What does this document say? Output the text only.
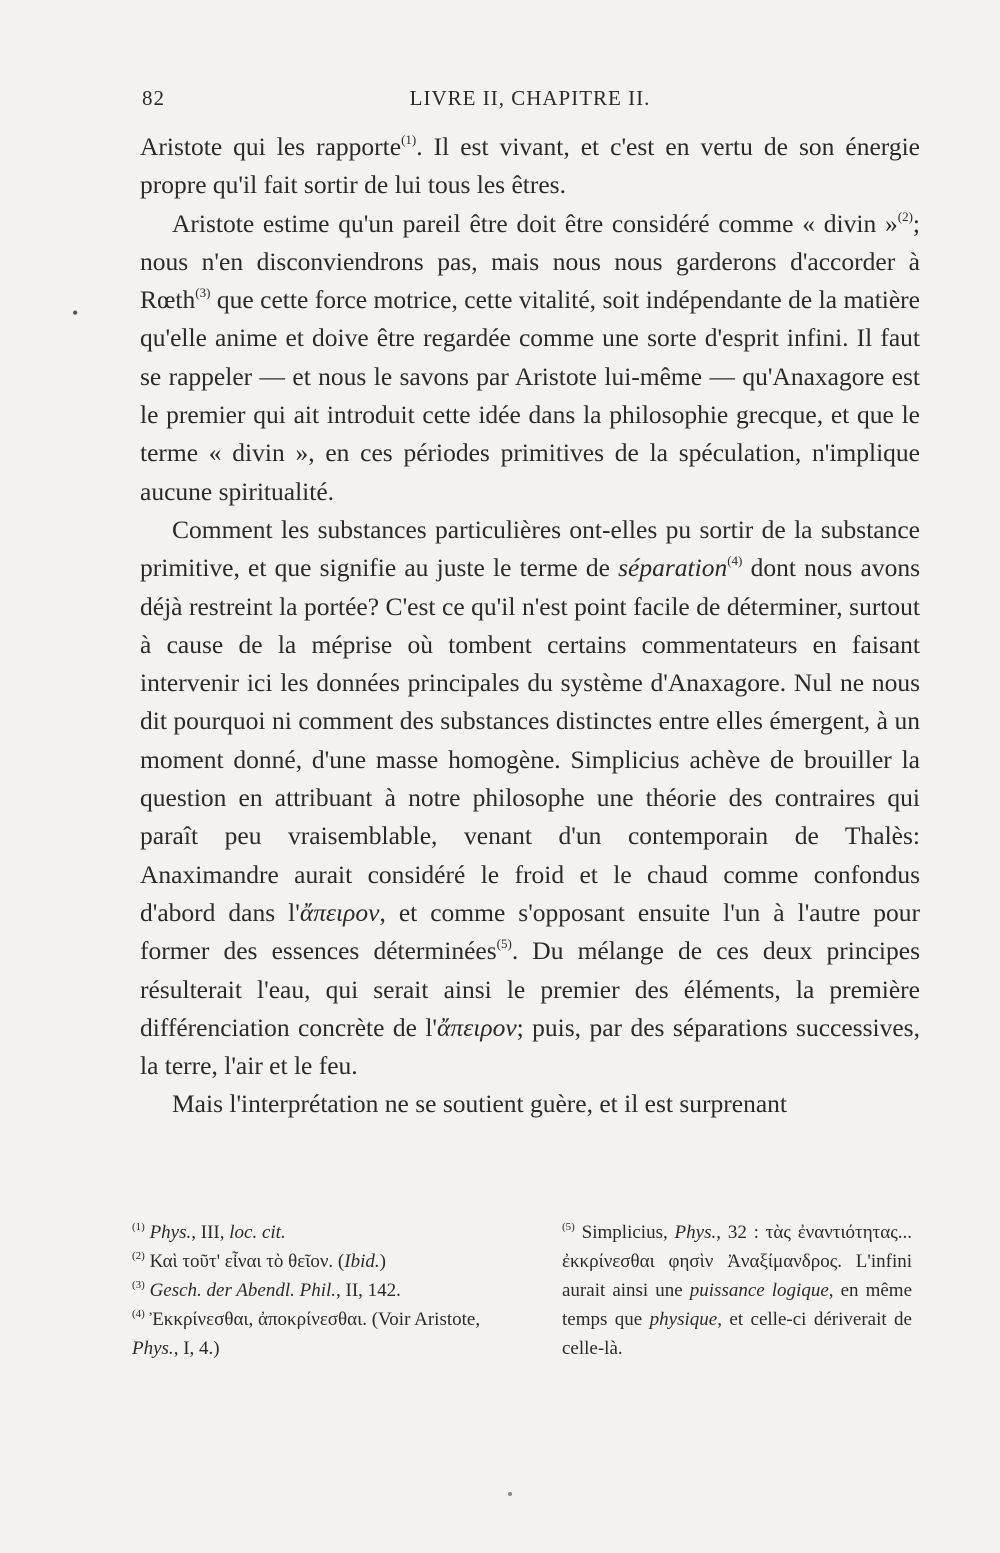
82	LIVRE II, CHAPITRE II.
•

Aristote qui les rapporte$^{(1)}$. Il est vivant, et c'est en vertu de son énergie propre qu'il fait sortir de lui tous les êtres.

Aristote estime qu'un pareil être doit être considéré comme « divin »$^{(2)}$; nous n'en disconviendrons pas, mais nous nous garderons d'accorder à Rœth$^{(3)}$ que cette force motrice, cette vitalité, soit indépendante de la matière qu'elle anime et doive être regardée comme une sorte d'esprit infini. Il faut se rappeler — et nous le savons par Aristote lui-même — qu'Anaxagore est le premier qui ait introduit cette idée dans la philosophie grecque, et que le terme « divin », en ces périodes primitives de la spéculation, n'implique aucune spiritualité.

Comment les substances particulières ont-elles pu sortir de la substance primitive, et que signifie au juste le terme de séparation$^{(4)}$ dont nous avons déjà restreint la portée? C'est ce qu'il n'est point facile de déterminer, surtout à cause de la méprise où tombent certains commentateurs en faisant intervenir ici les données principales du système d'Anaxagore. Nul ne nous dit pourquoi ni comment des substances distinctes entre elles émergent, à un moment donné, d'une masse homogène. Simplicius achève de brouiller la question en attribuant à notre philosophe une théorie des contraires qui paraît peu vraisemblable, venant d'un contemporain de Thalès: Anaximandre aurait considéré le froid et le chaud comme confondus d'abord dans l'ἄπειρον, et comme s'opposant ensuite l'un à l'autre pour former des essences déterminées$^{(5)}$. Du mélange de ces deux principes résulterait l'eau, qui serait ainsi le premier des éléments, la première différenciation concrète de l'ἄπειρον; puis, par des séparations successives, la terre, l'air et le feu.

Mais l'interprétation ne se soutient guère, et il est surprenant

$^{(1)}$ Phys., III, loc. cit.

$^{(2)}$ Καὶ τοῦτ' εἶναι τὸ θεῖον. (Ibid.)

$^{(3)}$ Gesch. der Abendl. Phil., II, 142.

$^{(4)}$ Ἐκκρίνεσθαι, ἀποκρίνεσθαι. (Voir Aristote, Phys., I, 4.)

$^{(5)}$ Simplicius, Phys., 32 : τὰς ἐναντιότητας... ἐκκρίνεσθαι φησὶν Ἀναξίμανδρος. L'infini aurait ainsi une puissance logique, en même temps que physique, et celle-ci dériverait de celle-là.
